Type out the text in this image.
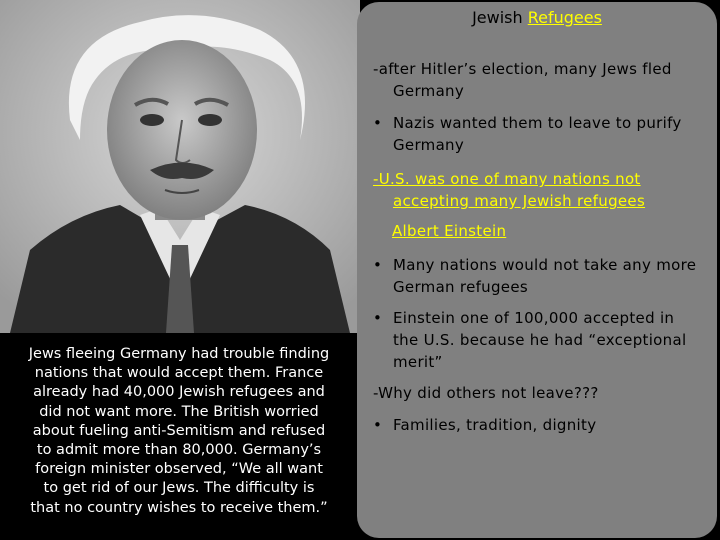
Jewish Refugees
-after Hitler’s election, many Jews fled
Germany
• Nazis wanted them to leave to purify
Germany
-U.S. was one of many nations not
accepting many Jewish refugees
Albert Einstein
• Many nations would not take any more
German refugees
• Einstein one of 100,000 accepted in
the U.S. because he had “exceptional
merit”
-Why did others not leave???
• Families, tradition, dignity
Jews fleeing Germany had trouble finding
nations that would accept them. France
already had 40,000 Jewish refugees and
did not want more. The British worried
about fueling anti-Semitism and refused
to admit more than 80,000. Germany’s
foreign minister observed, “We all want
to get rid of our Jews. The difficulty is
that no country wishes to receive them.”
